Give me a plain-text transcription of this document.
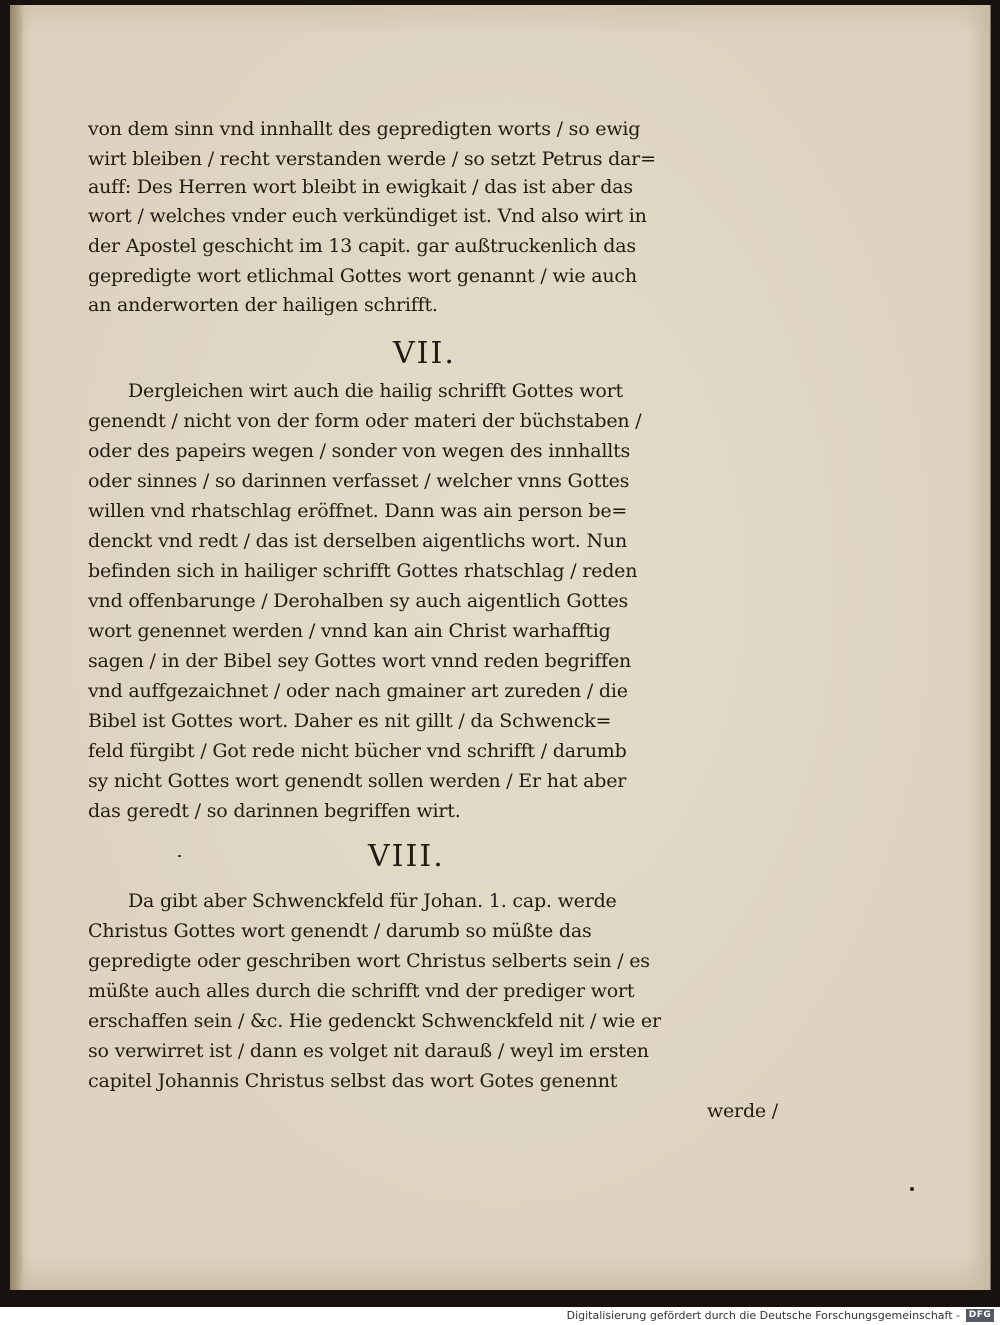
von dem sinn vnd innhallt des gepredigten worts / so ewig
wirt bleiben / recht verstanden werde / so setzt Petrus dar=
auff: Des Herren wort bleibt in ewigkait / das ist aber das
wort / welches vnder euch verkündiget ist. Vnd also wirt in
der Apostel geschicht im 13 capit. gar außtruckenlich das
gepredigte wort etlichmal Gottes wort genannt / wie auch
an anderworten der hailigen schrifft.
VII.
Dergleichen wirt auch die hailig schrifft Gottes wort
genendt / nicht von der form oder materi der büchstaben /
oder des papeirs wegen / sonder von wegen des innhallts
oder sinnes / so darinnen verfasset / welcher vnns Gottes
willen vnd rhatschlag eröffnet. Dann was ain person be=
denckt vnd redt / das ist derselben aigentlichs wort. Nun
befinden sich in hailiger schrifft Gottes rhatschlag / reden
vnd offenbarunge / Derohalben sy auch aigentlich Gottes
wort genennet werden / vnnd kan ain Christ warhafftig
sagen / in der Bibel sey Gottes wort vnnd reden begriffen
vnd auffgezaichnet / oder nach gmainer art zureden / die
Bibel ist Gottes wort. Daher es nit gillt / da Schwenck=
feld fürgibt / Got rede nicht bücher vnd schrifft / darumb
sy nicht Gottes wort genendt sollen werden / Er hat aber
das geredt / so darinnen begriffen wirt.
VIII.
Da gibt aber Schwenckfeld für Johan. 1. cap. werde
Christus Gottes wort genendt / darumb so müßte das
gepredigte oder geschriben wort Christus selberts sein / es
müßte auch alles durch die schrifft vnd der prediger wort
erschaffen sein / &c. Hie gedenckt Schwenckfeld nit / wie er
so verwirret ist / dann es volget nit darauß / weyl im ersten
capitel Johannis Christus selbst das wort Gotes genennt
werde /
Digitalisierung gefördert durch die Deutsche Forschungsgemeinschaft - DFG
